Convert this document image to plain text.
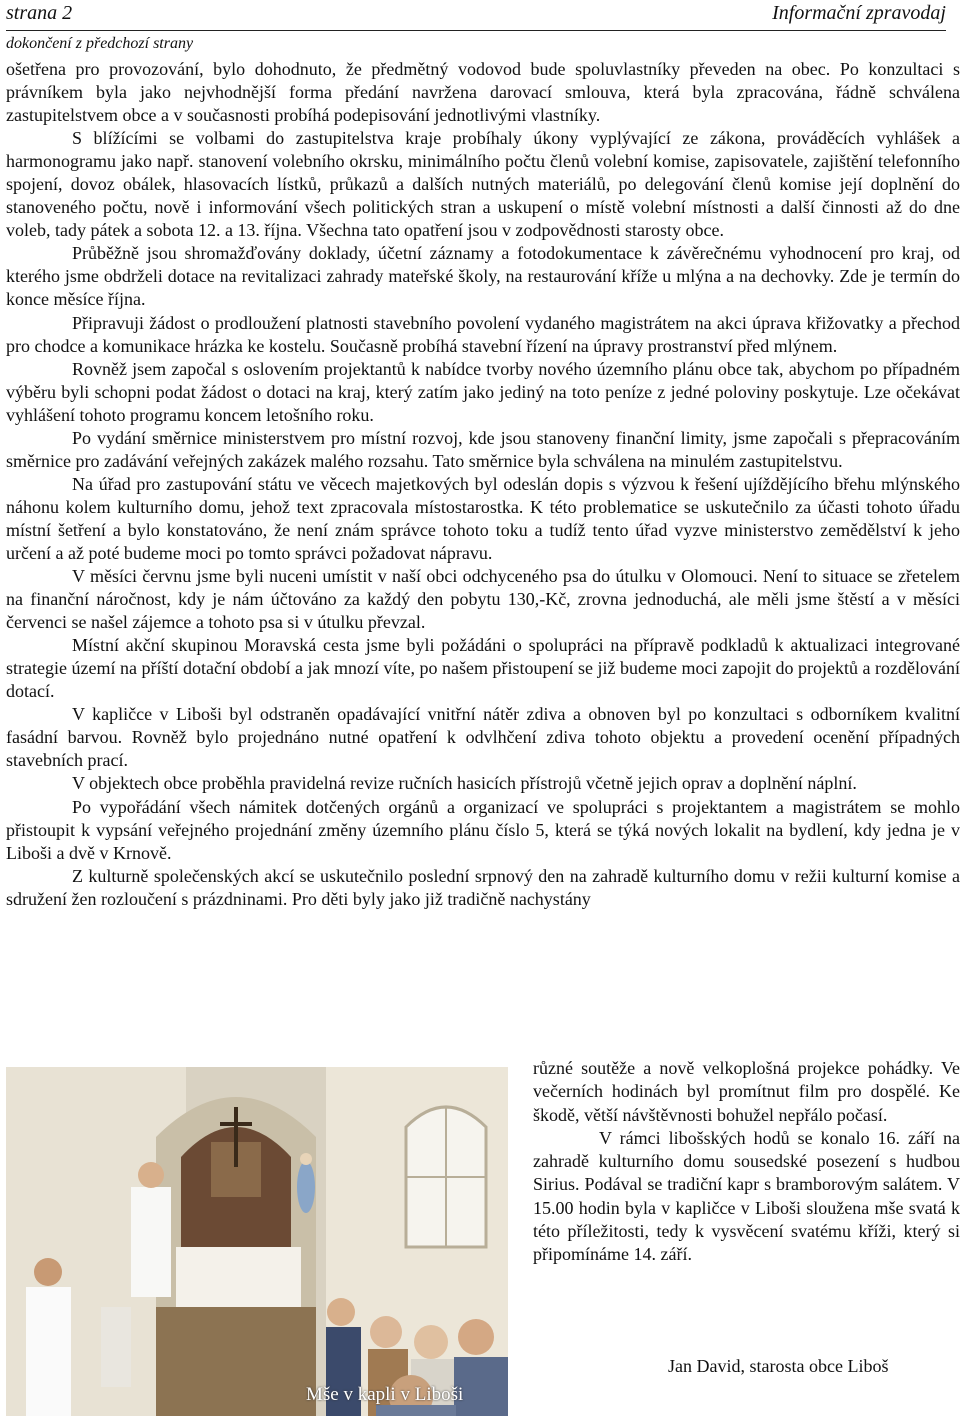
strana 2	Informační zpravodaj
dokončení z předchozí strany

ošetřena pro provozování, bylo dohodnuto, že předmětný vodovod bude spoluvlastníky převeden na obec. Po konzultaci s právníkem byla jako nejvhodnější forma předání navržena darovací smlouva, která byla zpracována, řádně schválena zastupitelstvem obce a v současnosti probíhá podepisování jednotlivými vlastníky.

S blížícími se volbami do zastupitelstva kraje probíhaly úkony vyplývající ze zákona, prováděcích vyhlášek a harmonogramu jako např. stanovení volebního okrsku, minimálního počtu členů volební komise, zapisovatele, zajištění telefonního spojení, dovoz obálek, hlasovacích lístků, průkazů a dalších nutných materiálů, po delegování členů komise její doplnění do stanoveného počtu, nově i informování všech politických stran a uskupení o místě volební místnosti a další činnosti až do dne voleb, tady pátek a sobota 12. a 13. října. Všechna tato opatření jsou v zodpovědnosti starosty obce.

Průběžně jsou shromažďovány doklady, účetní záznamy a fotodokumentace k závěrečnému vyhodnocení pro kraj, od kterého jsme obdrželi dotace na revitalizaci zahrady mateřské školy, na restaurování kříže u mlýna a na dechovky. Zde je termín do konce měsíce října.

Připravuji žádost o prodloužení platnosti stavebního povolení vydaného magistrátem na akci úprava křižovatky a přechod pro chodce a komunikace hrázka ke kostelu. Současně probíhá stavební řízení na úpravy prostranství před mlýnem.

Rovněž jsem započal s oslovením projektantů k nabídce tvorby nového územního plánu obce tak, abychom po případném výběru byli schopni podat žádost o dotaci na kraj, který zatím jako jediný na toto peníze z jedné poloviny poskytuje. Lze očekávat vyhlášení tohoto programu koncem letošního roku.

Po vydání směrnice ministerstvem pro místní rozvoj, kde jsou stanoveny finanční limity, jsme započali s přepracováním směrnice pro zadávání veřejných zakázek malého rozsahu. Tato směrnice byla schválena na minulém zastupitelstvu.

Na úřad pro zastupování státu ve věcech majetkových byl odeslán dopis s výzvou k řešení ujíždějícího břehu mlýnského náhonu kolem kulturního domu, jehož text zpracovala místostarostka. K této problematice se uskutečnilo za účasti tohoto úřadu místní šetření a bylo konstatováno, že není znám správce tohoto toku a tudíž tento úřad vyzve ministerstvo zemědělství k jeho určení a až poté budeme moci po tomto správci požadovat nápravu.

V měsíci červnu jsme byli nuceni umístit v naší obci odchyceného psa do útulku v Olomouci. Není to situace se zřetelem na finanční náročnost, kdy je nám účtováno za každý den pobytu 130,-Kč, zrovna jednoduchá, ale měli jsme štěstí a v měsíci červenci se našel zájemce a tohoto psa si v útulku převzal.

Místní akční skupinou Moravská cesta jsme byli požádáni o spolupráci na přípravě podkladů k aktualizaci integrované strategie území na příští dotační období a jak mnozí víte, po našem přistoupení se již budeme moci zapojit do projektů a rozdělování dotací.

V kapličce v Liboši byl odstraněn opadávající vnitřní nátěr zdiva a obnoven byl po konzultaci s odborníkem kvalitní fasádní barvou. Rovněž bylo projednáno nutné opatření k odvlhčení zdiva tohoto objektu a provedení ocenění případných stavebních prací.

V objektech obce proběhla pravidelná revize ručních hasicích přístrojů včetně jejich oprav a doplnění náplní.

Po vypořádání všech námitek dotčených orgánů a organizací ve spolupráci s projektantem a magistrátem se mohlo přistoupit k vypsání veřejného projednání změny územního plánu číslo 5, která se týká nových lokalit na bydlení, kdy jedna je v Liboši a dvě v Krnově.

Z kulturně společenských akcí se uskutečnilo poslední srpnový den na zahradě kulturního domu v režii kulturní komise a sdružení žen rozloučení s prázdninami. Pro děti byly jako již tradičně nachystány

Mše v kapli v Liboši

různé soutěže a nově velkoplošná projekce pohádky. Ve večerních hodinách byl promítnut film pro dospělé. Ke škodě, větší návštěvnosti bohužel nepřálo počasí.

V rámci libošských hodů se konalo 16. září na zahradě kulturního domu sousedské posezení s hudbou Sirius. Podával se tradiční kapr s bramborovým salátem. V 15.00 hodin byla v kapličce v Liboši sloužena mše svatá k této příležitosti, tedy k vysvěcení svatému kříži, který si připomínáme 14. září.

Jan David, starosta obce Liboš
